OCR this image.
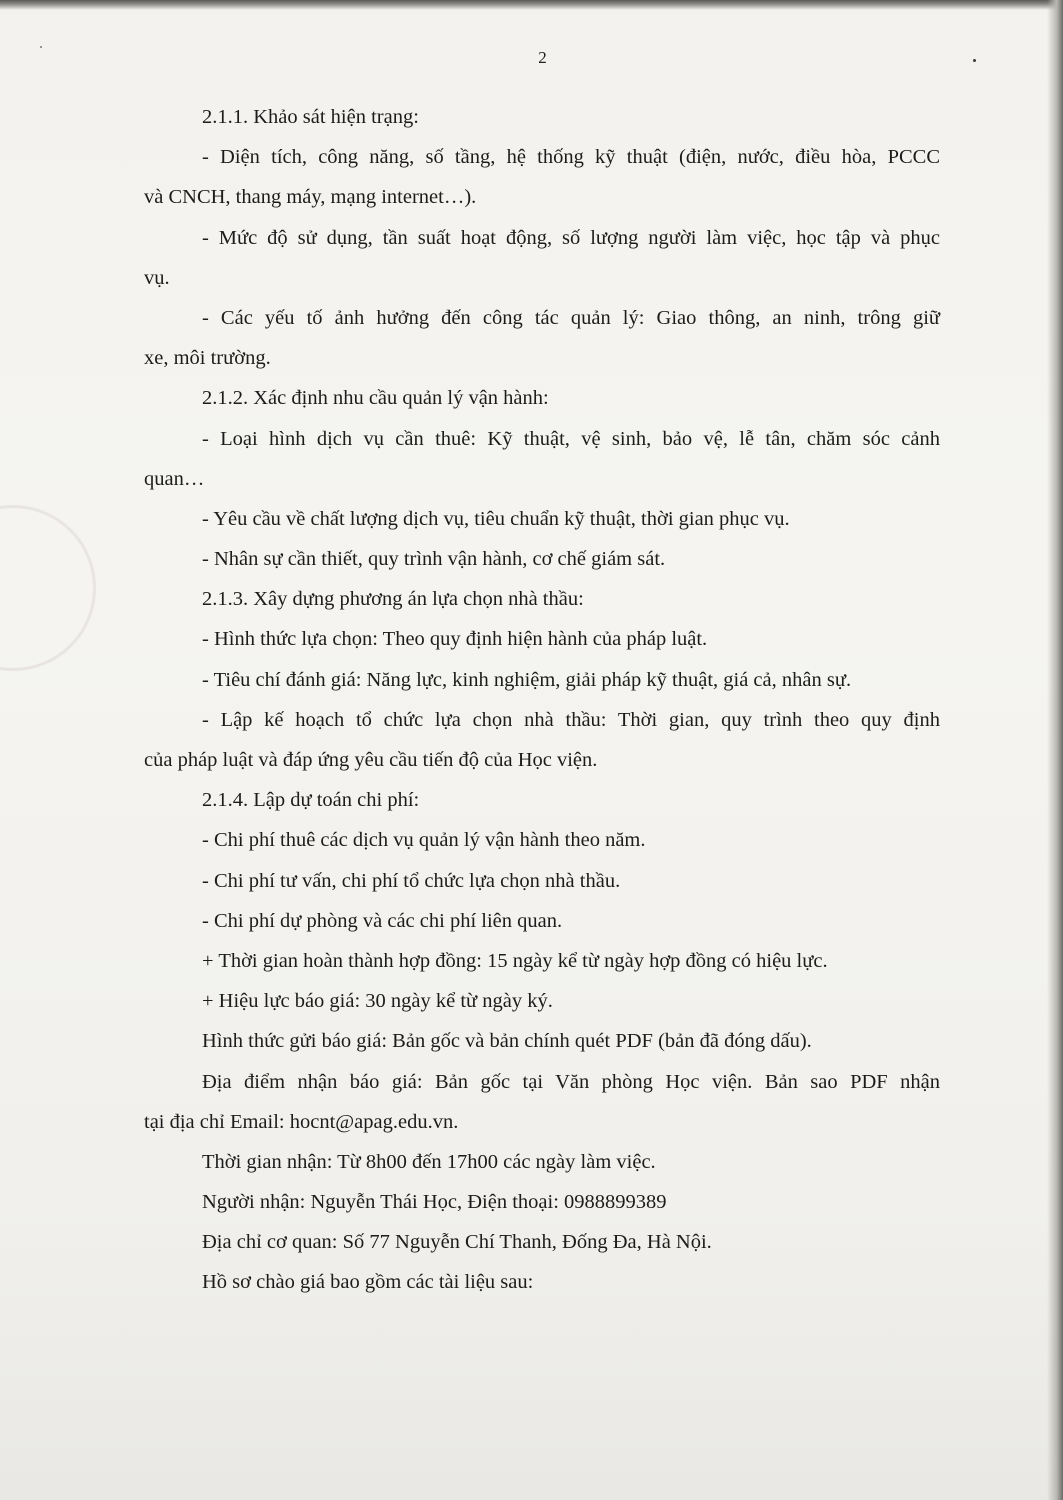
2
2.1.1. Khảo sát hiện trạng:
- Diện tích, công năng, số tầng, hệ thống kỹ thuật (điện, nước, điều hòa, PCCC
và CNCH, thang máy, mạng internet…).
- Mức độ sử dụng, tần suất hoạt động, số lượng người làm việc, học tập và phục
vụ.
- Các yếu tố ảnh hưởng đến công tác quản lý: Giao thông, an ninh, trông giữ
xe, môi trường.
2.1.2. Xác định nhu cầu quản lý vận hành:
- Loại hình dịch vụ cần thuê: Kỹ thuật, vệ sinh, bảo vệ, lễ tân, chăm sóc cảnh
quan…
- Yêu cầu về chất lượng dịch vụ, tiêu chuẩn kỹ thuật, thời gian phục vụ.
- Nhân sự cần thiết, quy trình vận hành, cơ chế giám sát.
2.1.3. Xây dựng phương án lựa chọn nhà thầu:
- Hình thức lựa chọn: Theo quy định hiện hành của pháp luật.
- Tiêu chí đánh giá: Năng lực, kinh nghiệm, giải pháp kỹ thuật, giá cả, nhân sự.
- Lập kế hoạch tổ chức lựa chọn nhà thầu: Thời gian, quy trình theo quy định
của pháp luật và đáp ứng yêu cầu tiến độ của Học viện.
2.1.4. Lập dự toán chi phí:
- Chi phí thuê các dịch vụ quản lý vận hành theo năm.
- Chi phí tư vấn, chi phí tổ chức lựa chọn nhà thầu.
- Chi phí dự phòng và các chi phí liên quan.
+ Thời gian hoàn thành hợp đồng: 15 ngày kể từ ngày hợp đồng có hiệu lực.
+ Hiệu lực báo giá: 30 ngày kể từ ngày ký.
Hình thức gửi báo giá: Bản gốc và bản chính quét PDF (bản đã đóng dấu).
Địa điểm nhận báo giá: Bản gốc tại Văn phòng Học viện. Bản sao PDF nhận
tại địa chỉ Email: hocnt@apag.edu.vn.
Thời gian nhận: Từ 8h00 đến 17h00 các ngày làm việc.
Người nhận: Nguyễn Thái Học, Điện thoại: 0988899389
Địa chỉ cơ quan: Số 77 Nguyễn Chí Thanh, Đống Đa, Hà Nội.
Hồ sơ chào giá bao gồm các tài liệu sau:
